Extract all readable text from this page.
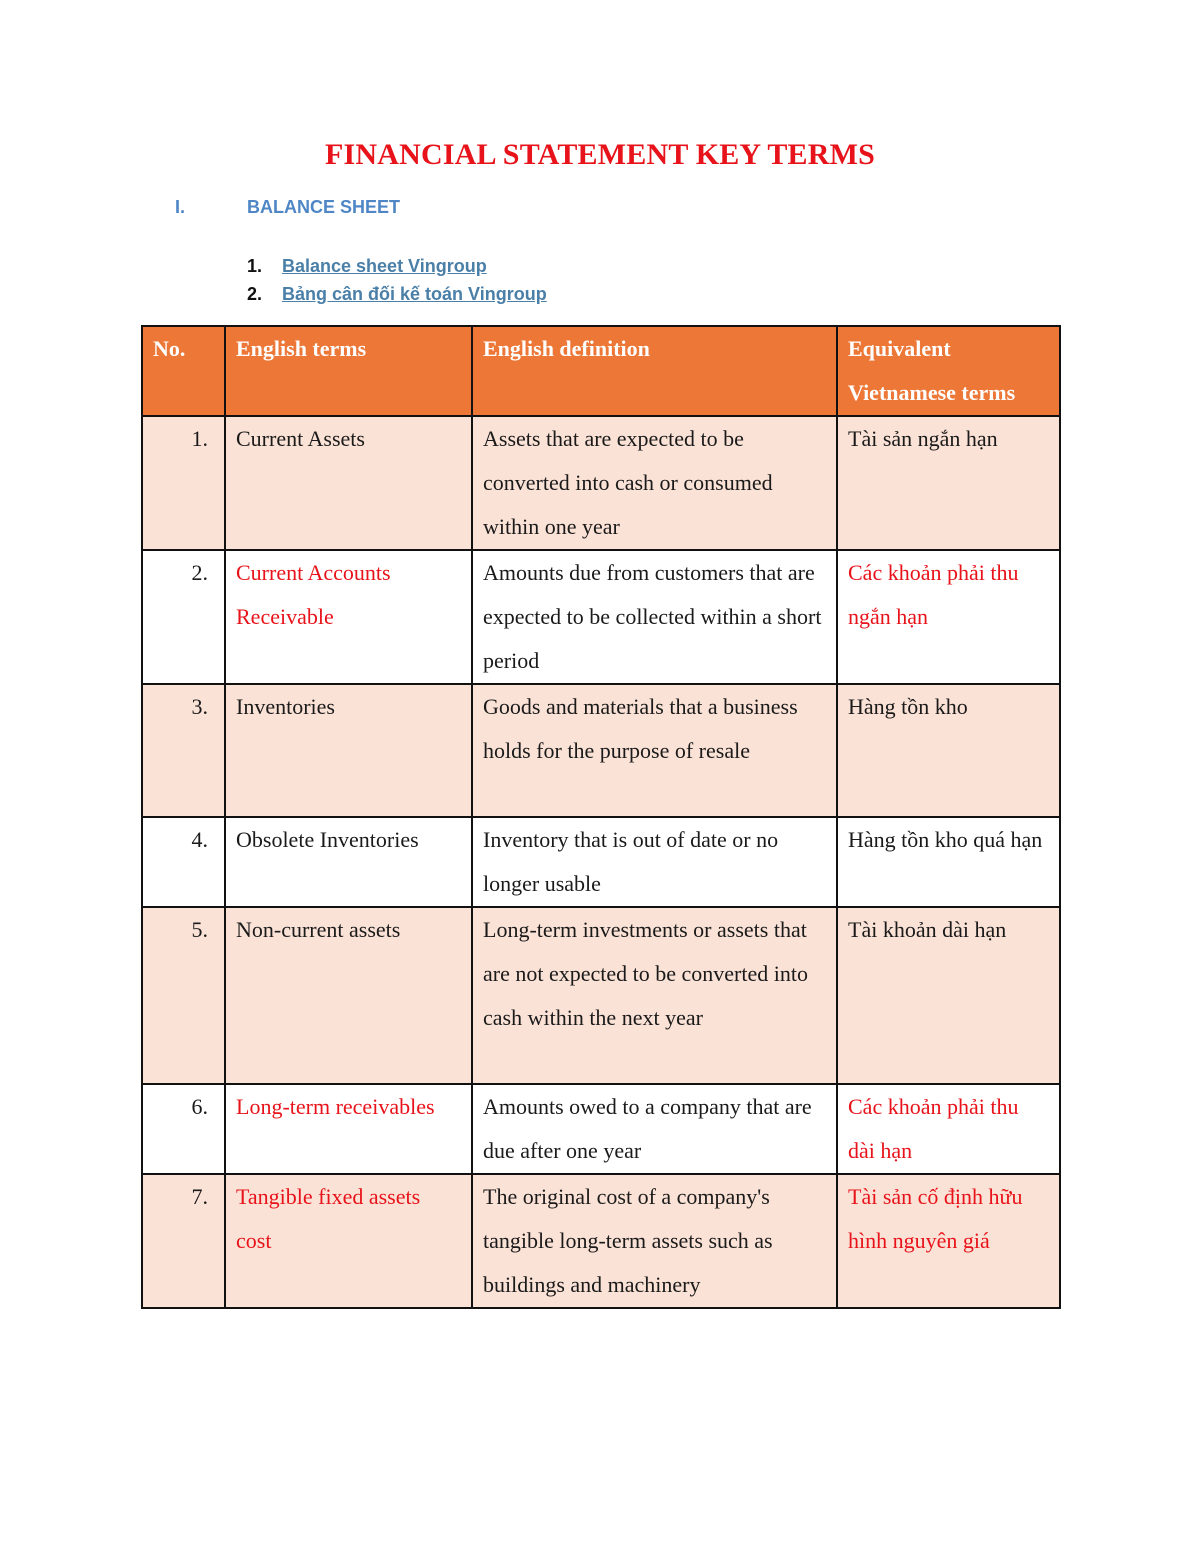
FINANCIAL STATEMENT KEY TERMS
I.	BALANCE SHEET
1.	Balance sheet Vingroup
2.	Bảng cân đối kế toán Vingroup
No.	English terms	English definition	Equivalent Vietnamese terms
1.	Current Assets	Assets that are expected to be converted into cash or consumed within one year	Tài sản ngắn hạn
2.	Current Accounts Receivable	Amounts due from customers that are expected to be collected within a short period	Các khoản phải thu ngắn hạn
3.	Inventories	Goods and materials that a business holds for the purpose of resale	Hàng tồn kho
4.	Obsolete Inventories	Inventory that is out of date or no longer usable	Hàng tồn kho quá hạn
5.	Non-current assets	Long-term investments or assets that are not expected to be converted into cash within the next year	Tài khoản dài hạn
6.	Long-term receivables	Amounts owed to a company that are due after one year	Các khoản phải thu dài hạn
7.	Tangible fixed assets cost	The original cost of a company's tangible long-term assets such as buildings and machinery	Tài sản cố định hữu hình nguyên giá
